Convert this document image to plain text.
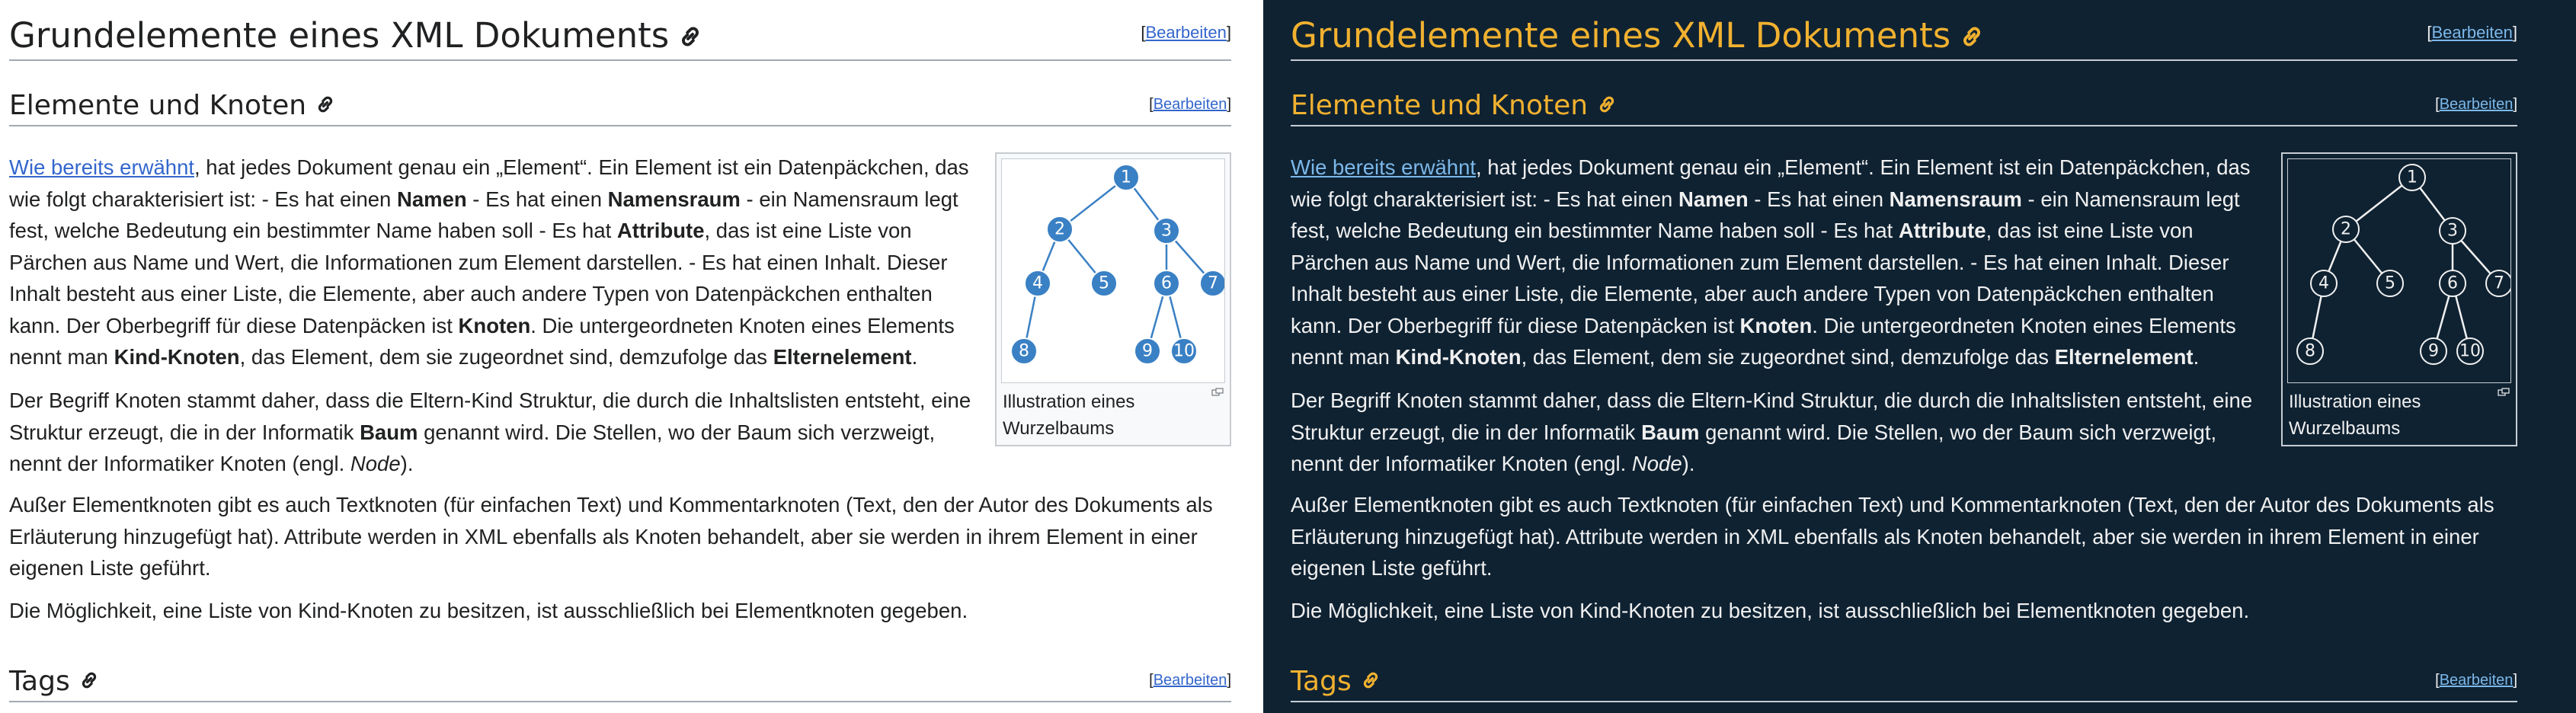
Grundelemente eines XML Dokuments	[Bearbeiten]
Elemente und Knoten	[Bearbeiten]
1
2	3
4	5	6 7
8	9 10
Illustration eines Wurzelbaums

Wie bereits erwähnt, hat jedes Dokument genau ein „Element“. Ein Element ist ein Datenpäckchen, das wie folgt charakterisiert ist: - Es hat einen Namen - Es hat einen Namensraum - ein Namensraum legt fest, welche Bedeutung ein bestimmter Name haben soll - Es hat Attribute, das ist eine Liste von Pärchen aus Name und Wert, die Informationen zum Element darstellen. - Es hat einen Inhalt. Dieser Inhalt besteht aus einer Liste, die Elemente, aber auch andere Typen von Datenpäckchen enthalten kann. Der Oberbegriff für diese Datenpäcken ist Knoten. Die untergeordneten Knoten eines Elements nennt man Kind-Knoten, das Element, dem sie zugeordnet sind, demzufolge das Elternelement.

Der Begriff Knoten stammt daher, dass die Eltern-Kind Struktur, die durch die Inhaltslisten entsteht, eine Struktur erzeugt, die in der Informatik Baum genannt wird. Die Stellen, wo der Baum sich verzweigt, nennt der Informatiker Knoten (engl. Node).

Außer Elementknoten gibt es auch Textknoten (für einfachen Text) und Kommentarknoten (Text, den der Autor des Dokuments als Erläuterung hinzugefügt hat). Attribute werden in XML ebenfalls als Knoten behandelt, aber sie werden in ihrem Element in einer eigenen Liste geführt.

Die Möglichkeit, eine Liste von Kind-Knoten zu besitzen, ist ausschließlich bei Elementknoten gegeben.

Tags	[Bearbeiten]
Grundelemente eines XML Dokuments	[Bearbeiten]
Elemente und Knoten	[Bearbeiten]
1
2	3
4	5	6 7
8	9 10
Illustration eines Wurzelbaums

Wie bereits erwähnt, hat jedes Dokument genau ein „Element“. Ein Element ist ein Datenpäckchen, das wie folgt charakterisiert ist: - Es hat einen Namen - Es hat einen Namensraum - ein Namensraum legt fest, welche Bedeutung ein bestimmter Name haben soll - Es hat Attribute, das ist eine Liste von Pärchen aus Name und Wert, die Informationen zum Element darstellen. - Es hat einen Inhalt. Dieser Inhalt besteht aus einer Liste, die Elemente, aber auch andere Typen von Datenpäckchen enthalten kann. Der Oberbegriff für diese Datenpäcken ist Knoten. Die untergeordneten Knoten eines Elements nennt man Kind-Knoten, das Element, dem sie zugeordnet sind, demzufolge das Elternelement.

Der Begriff Knoten stammt daher, dass die Eltern-Kind Struktur, die durch die Inhaltslisten entsteht, eine Struktur erzeugt, die in der Informatik Baum genannt wird. Die Stellen, wo der Baum sich verzweigt, nennt der Informatiker Knoten (engl. Node).

Außer Elementknoten gibt es auch Textknoten (für einfachen Text) und Kommentarknoten (Text, den der Autor des Dokuments als Erläuterung hinzugefügt hat). Attribute werden in XML ebenfalls als Knoten behandelt, aber sie werden in ihrem Element in einer eigenen Liste geführt.

Die Möglichkeit, eine Liste von Kind-Knoten zu besitzen, ist ausschließlich bei Elementknoten gegeben.

Tags	[Bearbeiten]
